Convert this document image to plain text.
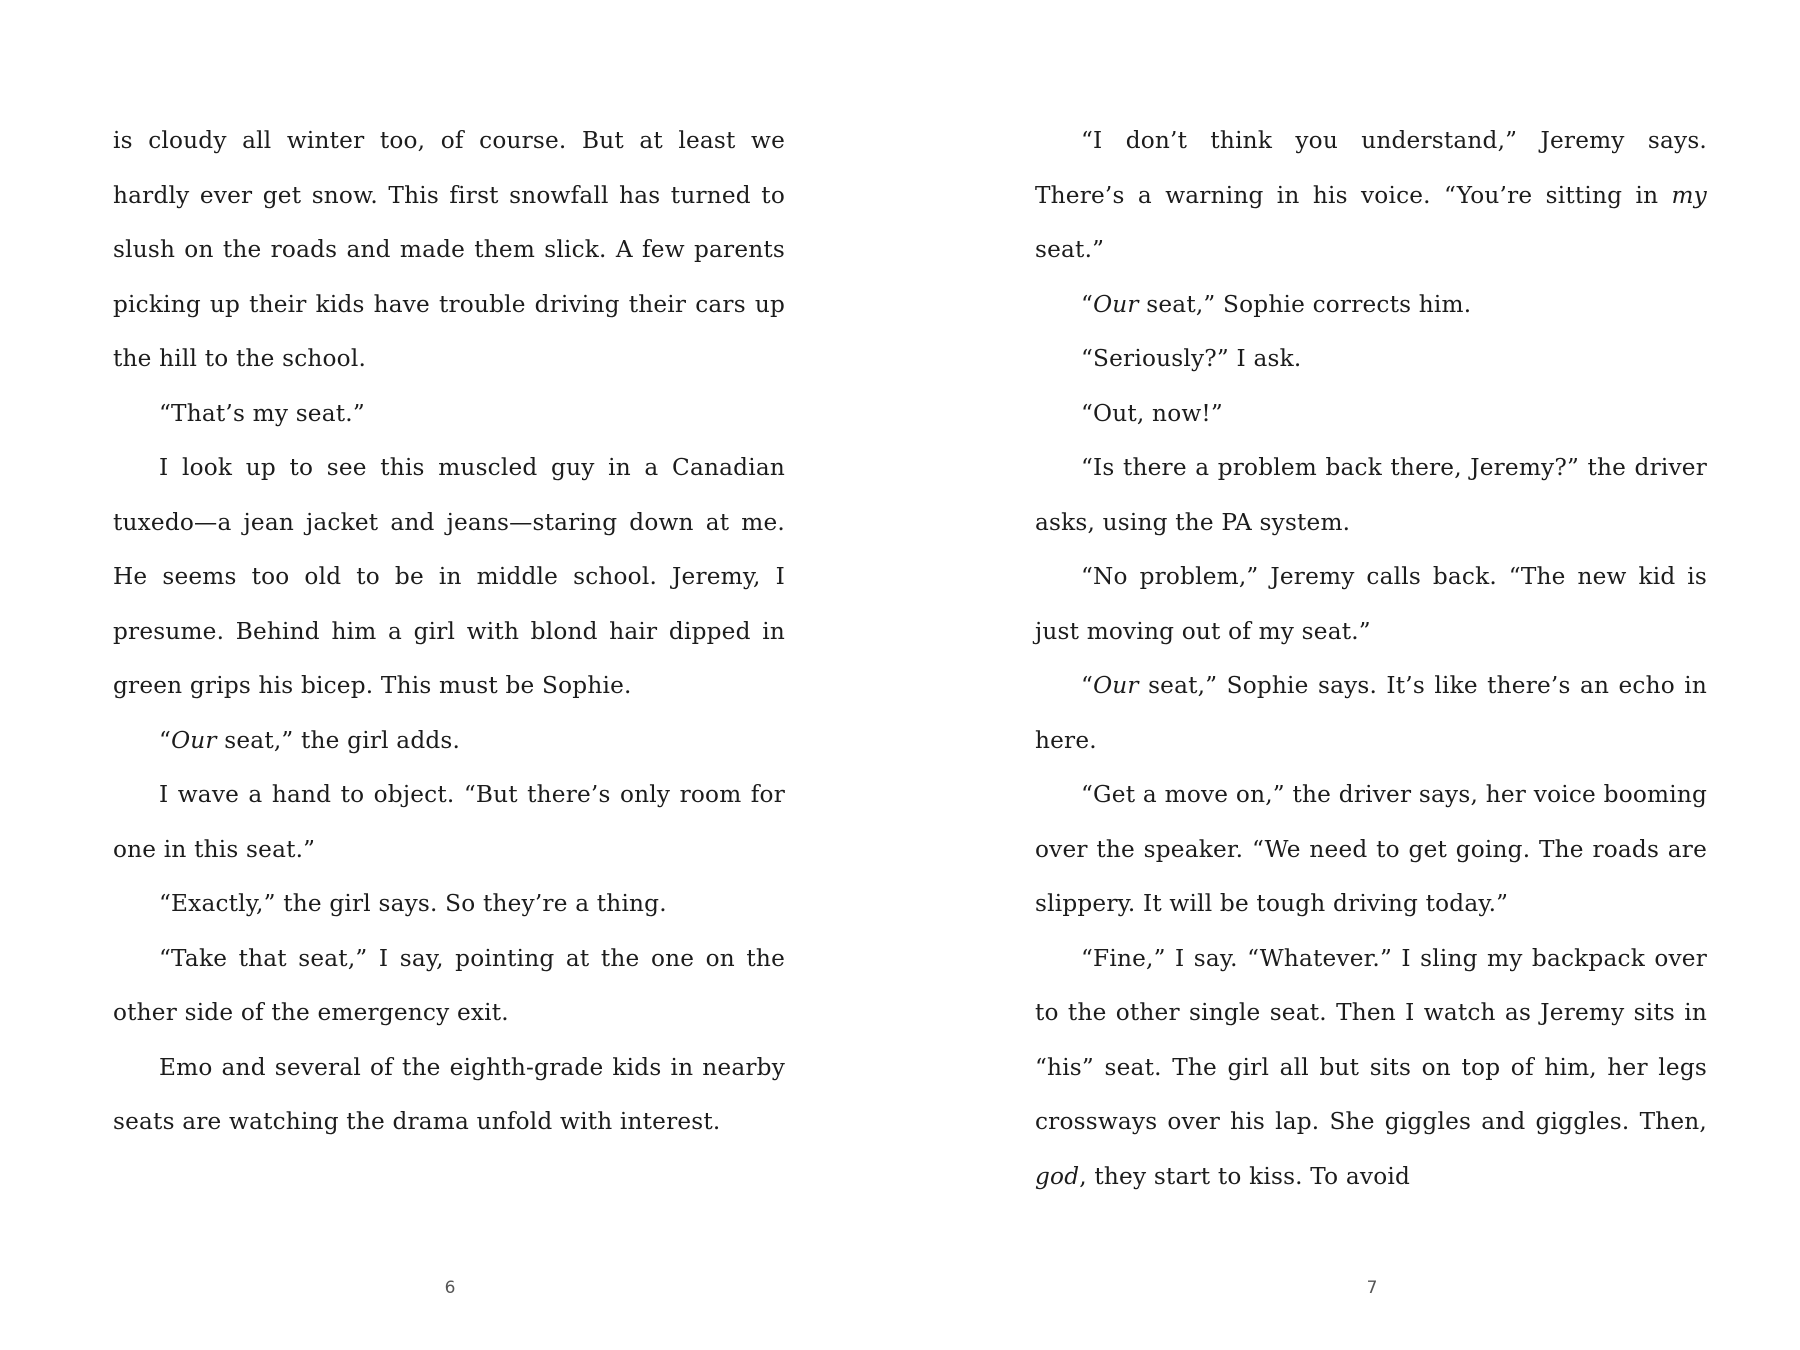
is cloudy all winter too, of course. But at least we hardly ever get snow. This first snowfall has turned to slush on the roads and made them slick. A few parents picking up their kids have trouble driving their cars up the hill to the school.

“That’s my seat.”

I look up to see this muscled guy in a Canadian tuxedo—a jean jacket and jeans—staring down at me. He seems too old to be in middle school. Jeremy, I presume. Behind him a girl with blond hair dipped in green grips his bicep. This must be Sophie.

“Our seat,” the girl adds.

I wave a hand to object. “But there’s only room for one in this seat.”

“Exactly,” the girl says. So they’re a thing.

“Take that seat,” I say, pointing at the one on the other side of the emergency exit.

Emo and several of the eighth-grade kids in nearby seats are watching the drama unfold with interest.

6

“I don’t think you understand,” Jeremy says. There’s a warning in his voice. “You’re sitting in my seat.”

“Our seat,” Sophie corrects him.

“Seriously?” I ask.

“Out, now!”

“Is there a problem back there, Jeremy?” the driver asks, using the PA system.

“No problem,” Jeremy calls back. “The new kid is just moving out of my seat.”

“Our seat,” Sophie says. It’s like there’s an echo in here.

“Get a move on,” the driver says, her voice booming over the speaker. “We need to get going. The roads are slippery. It will be tough driving today.”

“Fine,” I say. “Whatever.” I sling my backpack over to the other single seat. Then I watch as Jeremy sits in “his” seat. The girl all but sits on top of him, her legs crossways over his lap. She giggles and giggles. Then, god, they start to kiss. To avoid

7
